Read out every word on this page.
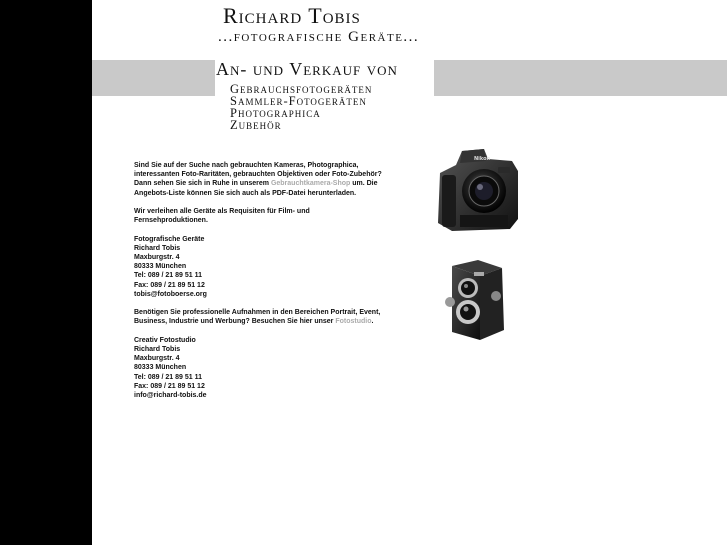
Richard Tobis
...fotografische Geräte...
An- und Verkauf von
Gebrauchsfotogeräten
Sammler-Fotogeräten
Photographica
Zubehör

Sind Sie auf der Suche nach gebrauchten Kameras, Photographica, interessanten Foto-Raritäten, gebrauchten Objektiven oder Foto-Zubehör? Dann sehen Sie sich in Ruhe in unserem Gebrauchtkamera-Shop um. Die Angebots-Liste können Sie sich auch als PDF-Datei herunterladen.

Wir verleihen alle Geräte als Requisiten für Film- und Fernsehproduktionen.

Fotografische Geräte
Richard Tobis
Maxburgstr. 4
80333 München
Tel: 089 / 21 89 51 11
Fax: 089 / 21 89 51 12
tobis@fotoboerse.org

Benötigen Sie professionelle Aufnahmen in den Bereichen Portrait, Event, Business, Industrie und Werbung? Besuchen Sie hier unser Fotostudio.

Creativ Fotostudio
Richard Tobis
Maxburgstr. 4
80333 München
Tel: 089 / 21 89 51 11
Fax: 089 / 21 89 51 12
info@richard-tobis.de

Nikon
